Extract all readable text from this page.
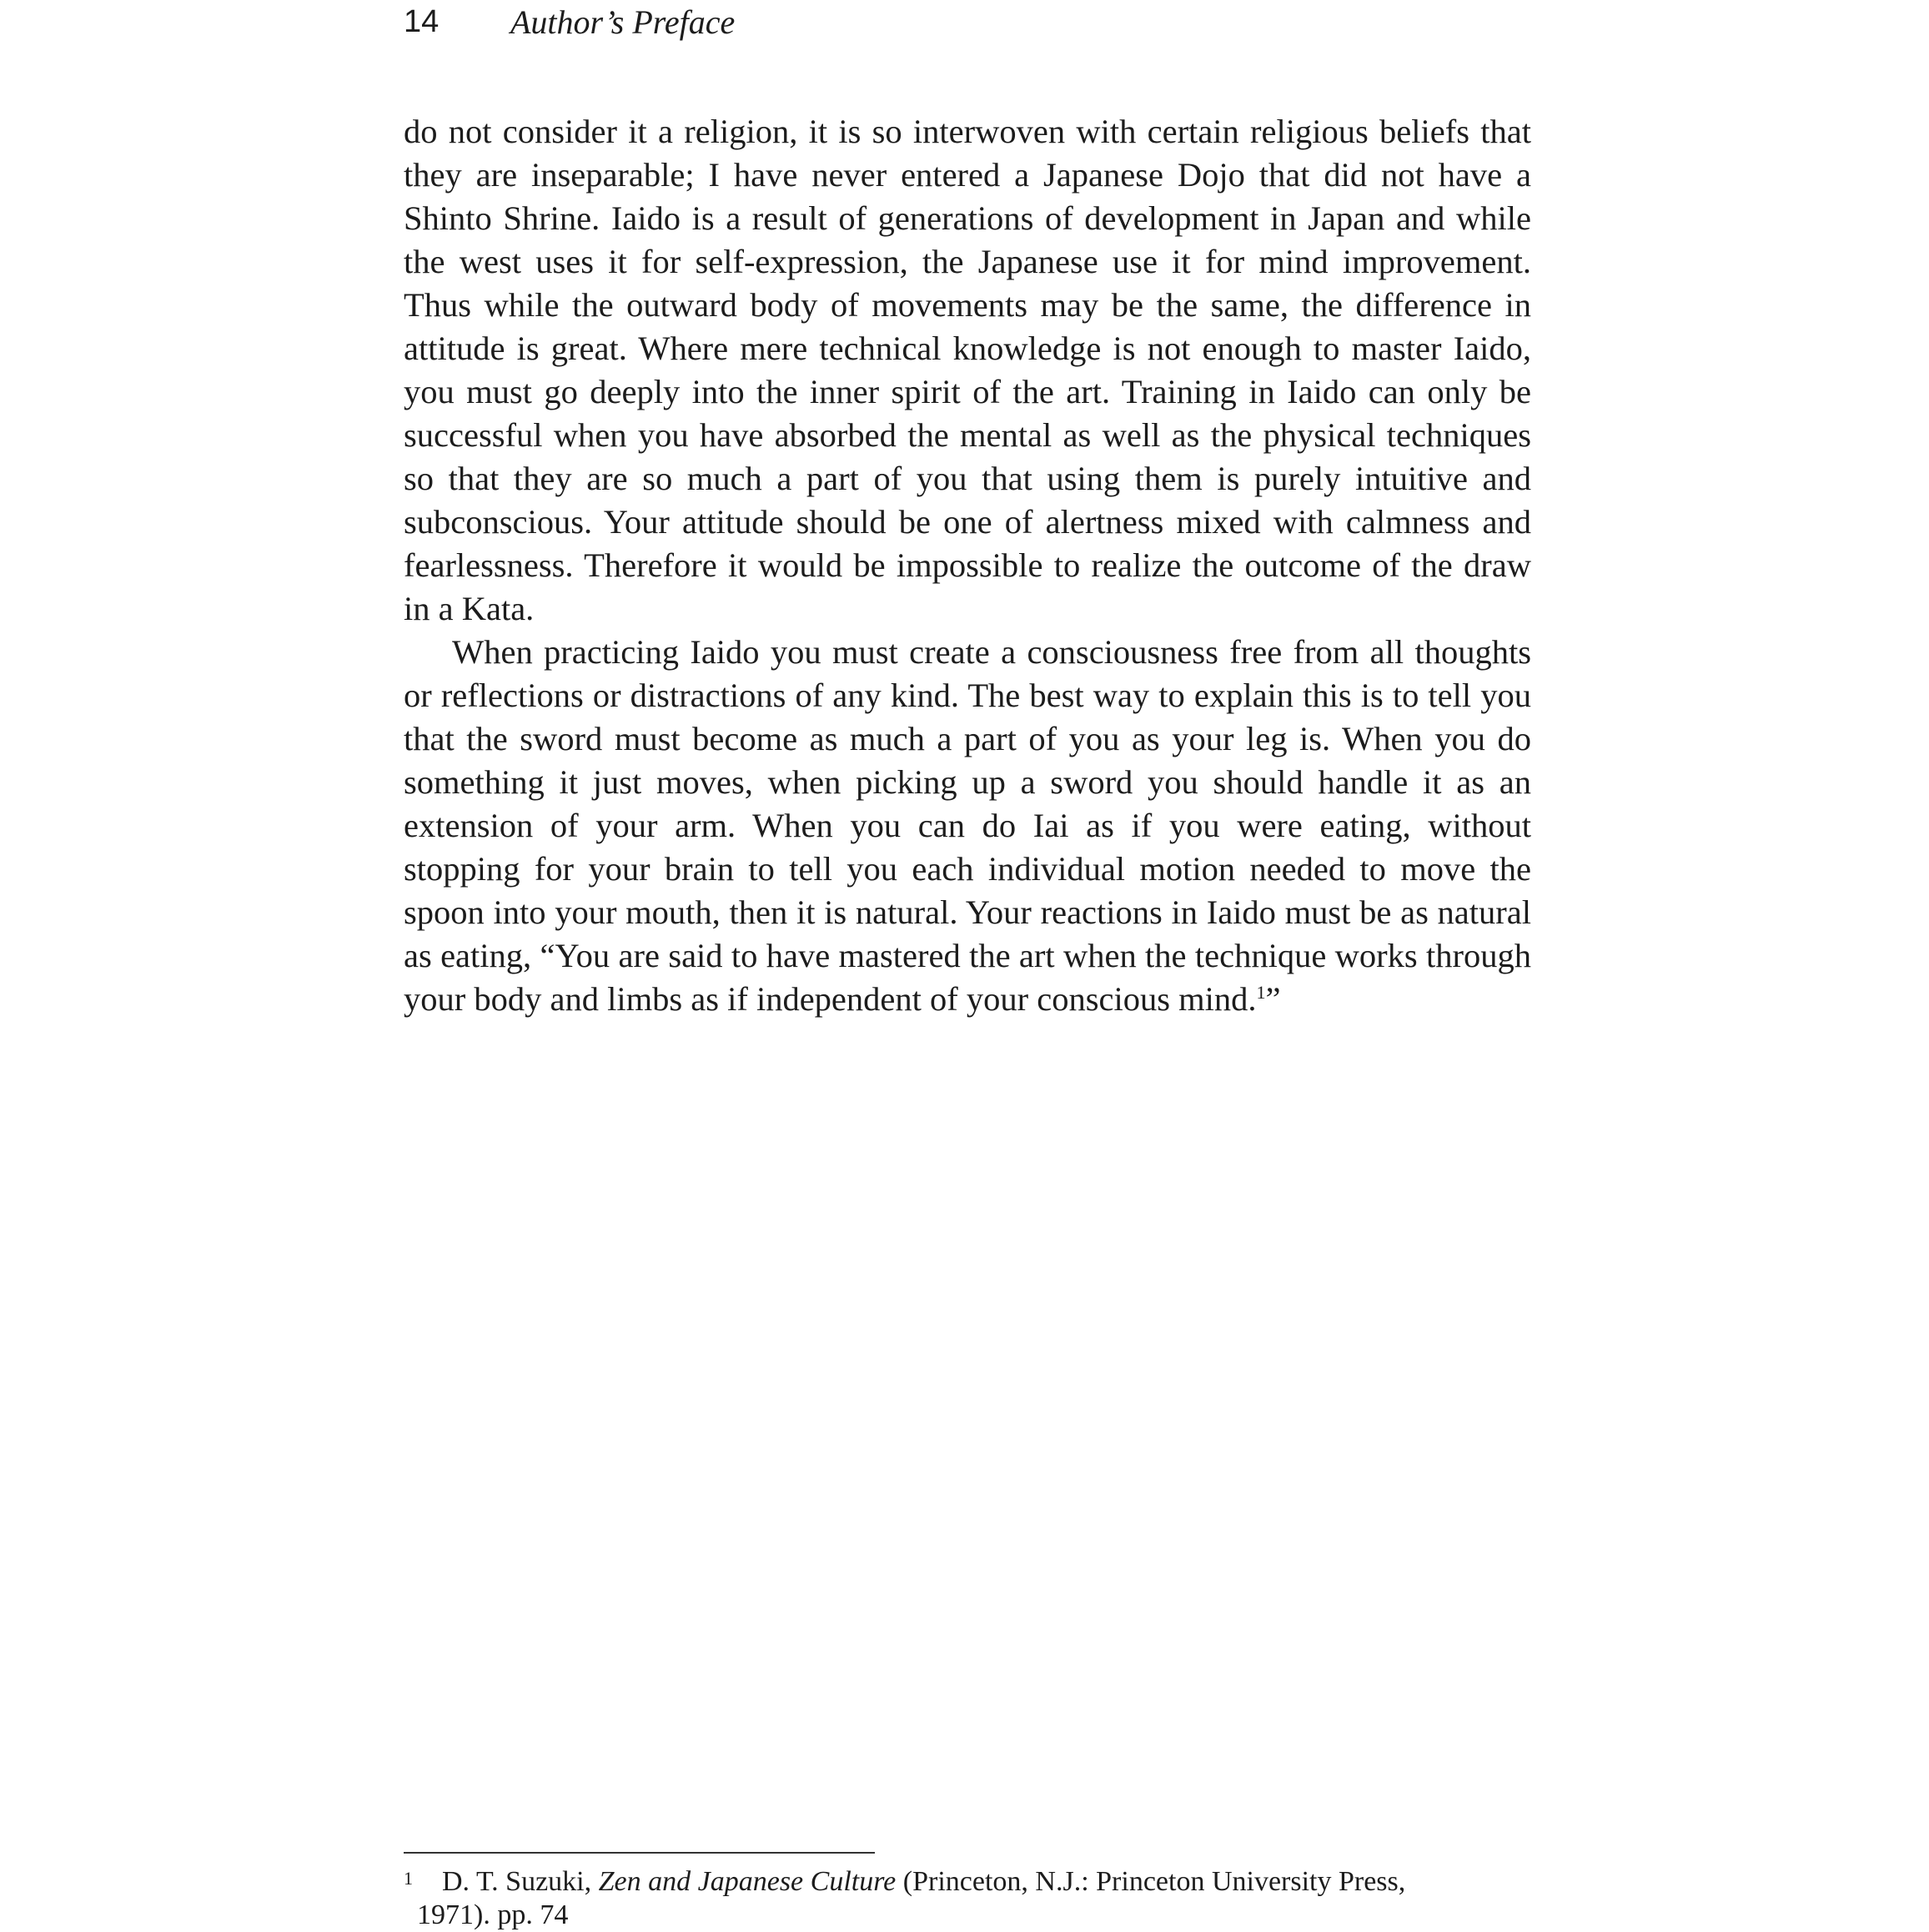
14	Author’s Preface

do not consider it a religion, it is so interwoven with certain religious beliefs that they are inseparable; I have never entered a Japanese Dojo that did not have a Shinto Shrine. Iaido is a result of generations of development in Japan and while the west uses it for self-expression, the Japanese use it for mind improvement. Thus while the outward body of movements may be the same, the difference in attitude is great. Where mere technical knowledge is not enough to master Iaido, you must go deeply into the inner spirit of the art. Training in Iaido can only be successful when you have absorbed the mental as well as the physical techniques so that they are so much a part of you that using them is purely intuitive and subconscious. Your attitude should be one of alertness mixed with calmness and fearlessness. Therefore it would be impossible to realize the outcome of the draw in a Kata.

When practicing Iaido you must create a consciousness free from all thoughts or reflections or distractions of any kind. The best way to explain this is to tell you that the sword must become as much a part of you as your leg is. When you do something it just moves, when picking up a sword you should handle it as an extension of your arm. When you can do Iai as if you were eating, without stopping for your brain to tell you each individual motion needed to move the spoon into your mouth, then it is natural. Your reactions in Iaido must be as natural as eating, “You are said to have mastered the art when the technique works through your body and limbs as if independent of your conscious mind.$^1$”

1 D. T. Suzuki, Zen and Japanese Culture (Princeton, N.J.: Princeton University Press,
1971). pp. 74
